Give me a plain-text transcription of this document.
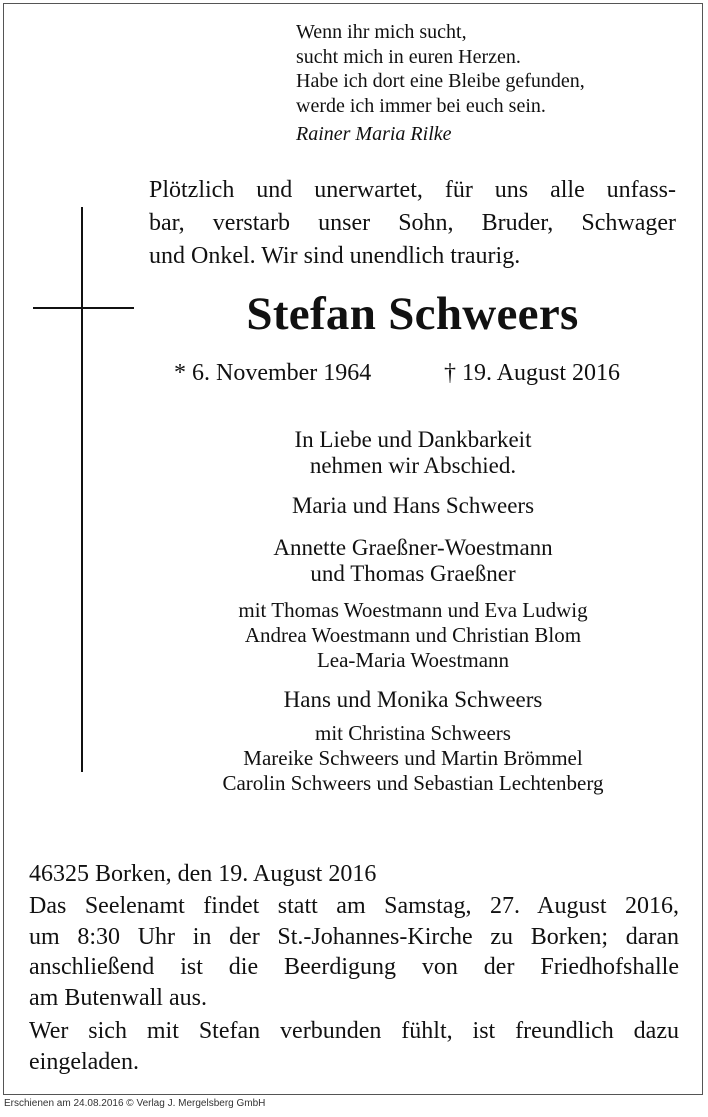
Wenn ihr mich sucht,
sucht mich in euren Herzen.
Habe ich dort eine Bleibe gefunden,
werde ich immer bei euch sein.
Rainer Maria Rilke
Plötzlich und unerwartet, für uns alle unfass-
bar, verstarb unser Sohn, Bruder, Schwager
und Onkel. Wir sind unendlich traurig.
Stefan Schweers
* 6. November 1964	† 19. August 2016
In Liebe und Dankbarkeit
nehmen wir Abschied.
Maria und Hans Schweers
Annette Graeßner-Woestmann
und Thomas Graeßner
mit Thomas Woestmann und Eva Ludwig
Andrea Woestmann und Christian Blom
Lea-Maria Woestmann
Hans und Monika Schweers
mit Christina Schweers
Mareike Schweers und Martin Brömmel
Carolin Schweers und Sebastian Lechtenberg
46325 Borken, den 19. August 2016
Das Seelenamt findet statt am Samstag, 27. August 2016,
um 8:30 Uhr in der St.-Johannes-Kirche zu Borken; daran
anschließend ist die Beerdigung von der Friedhofshalle
am Butenwall aus.
Wer sich mit Stefan verbunden fühlt, ist freundlich dazu
eingeladen.
Erschienen am 24.08.2016 © Verlag J. Mergelsberg GmbH
